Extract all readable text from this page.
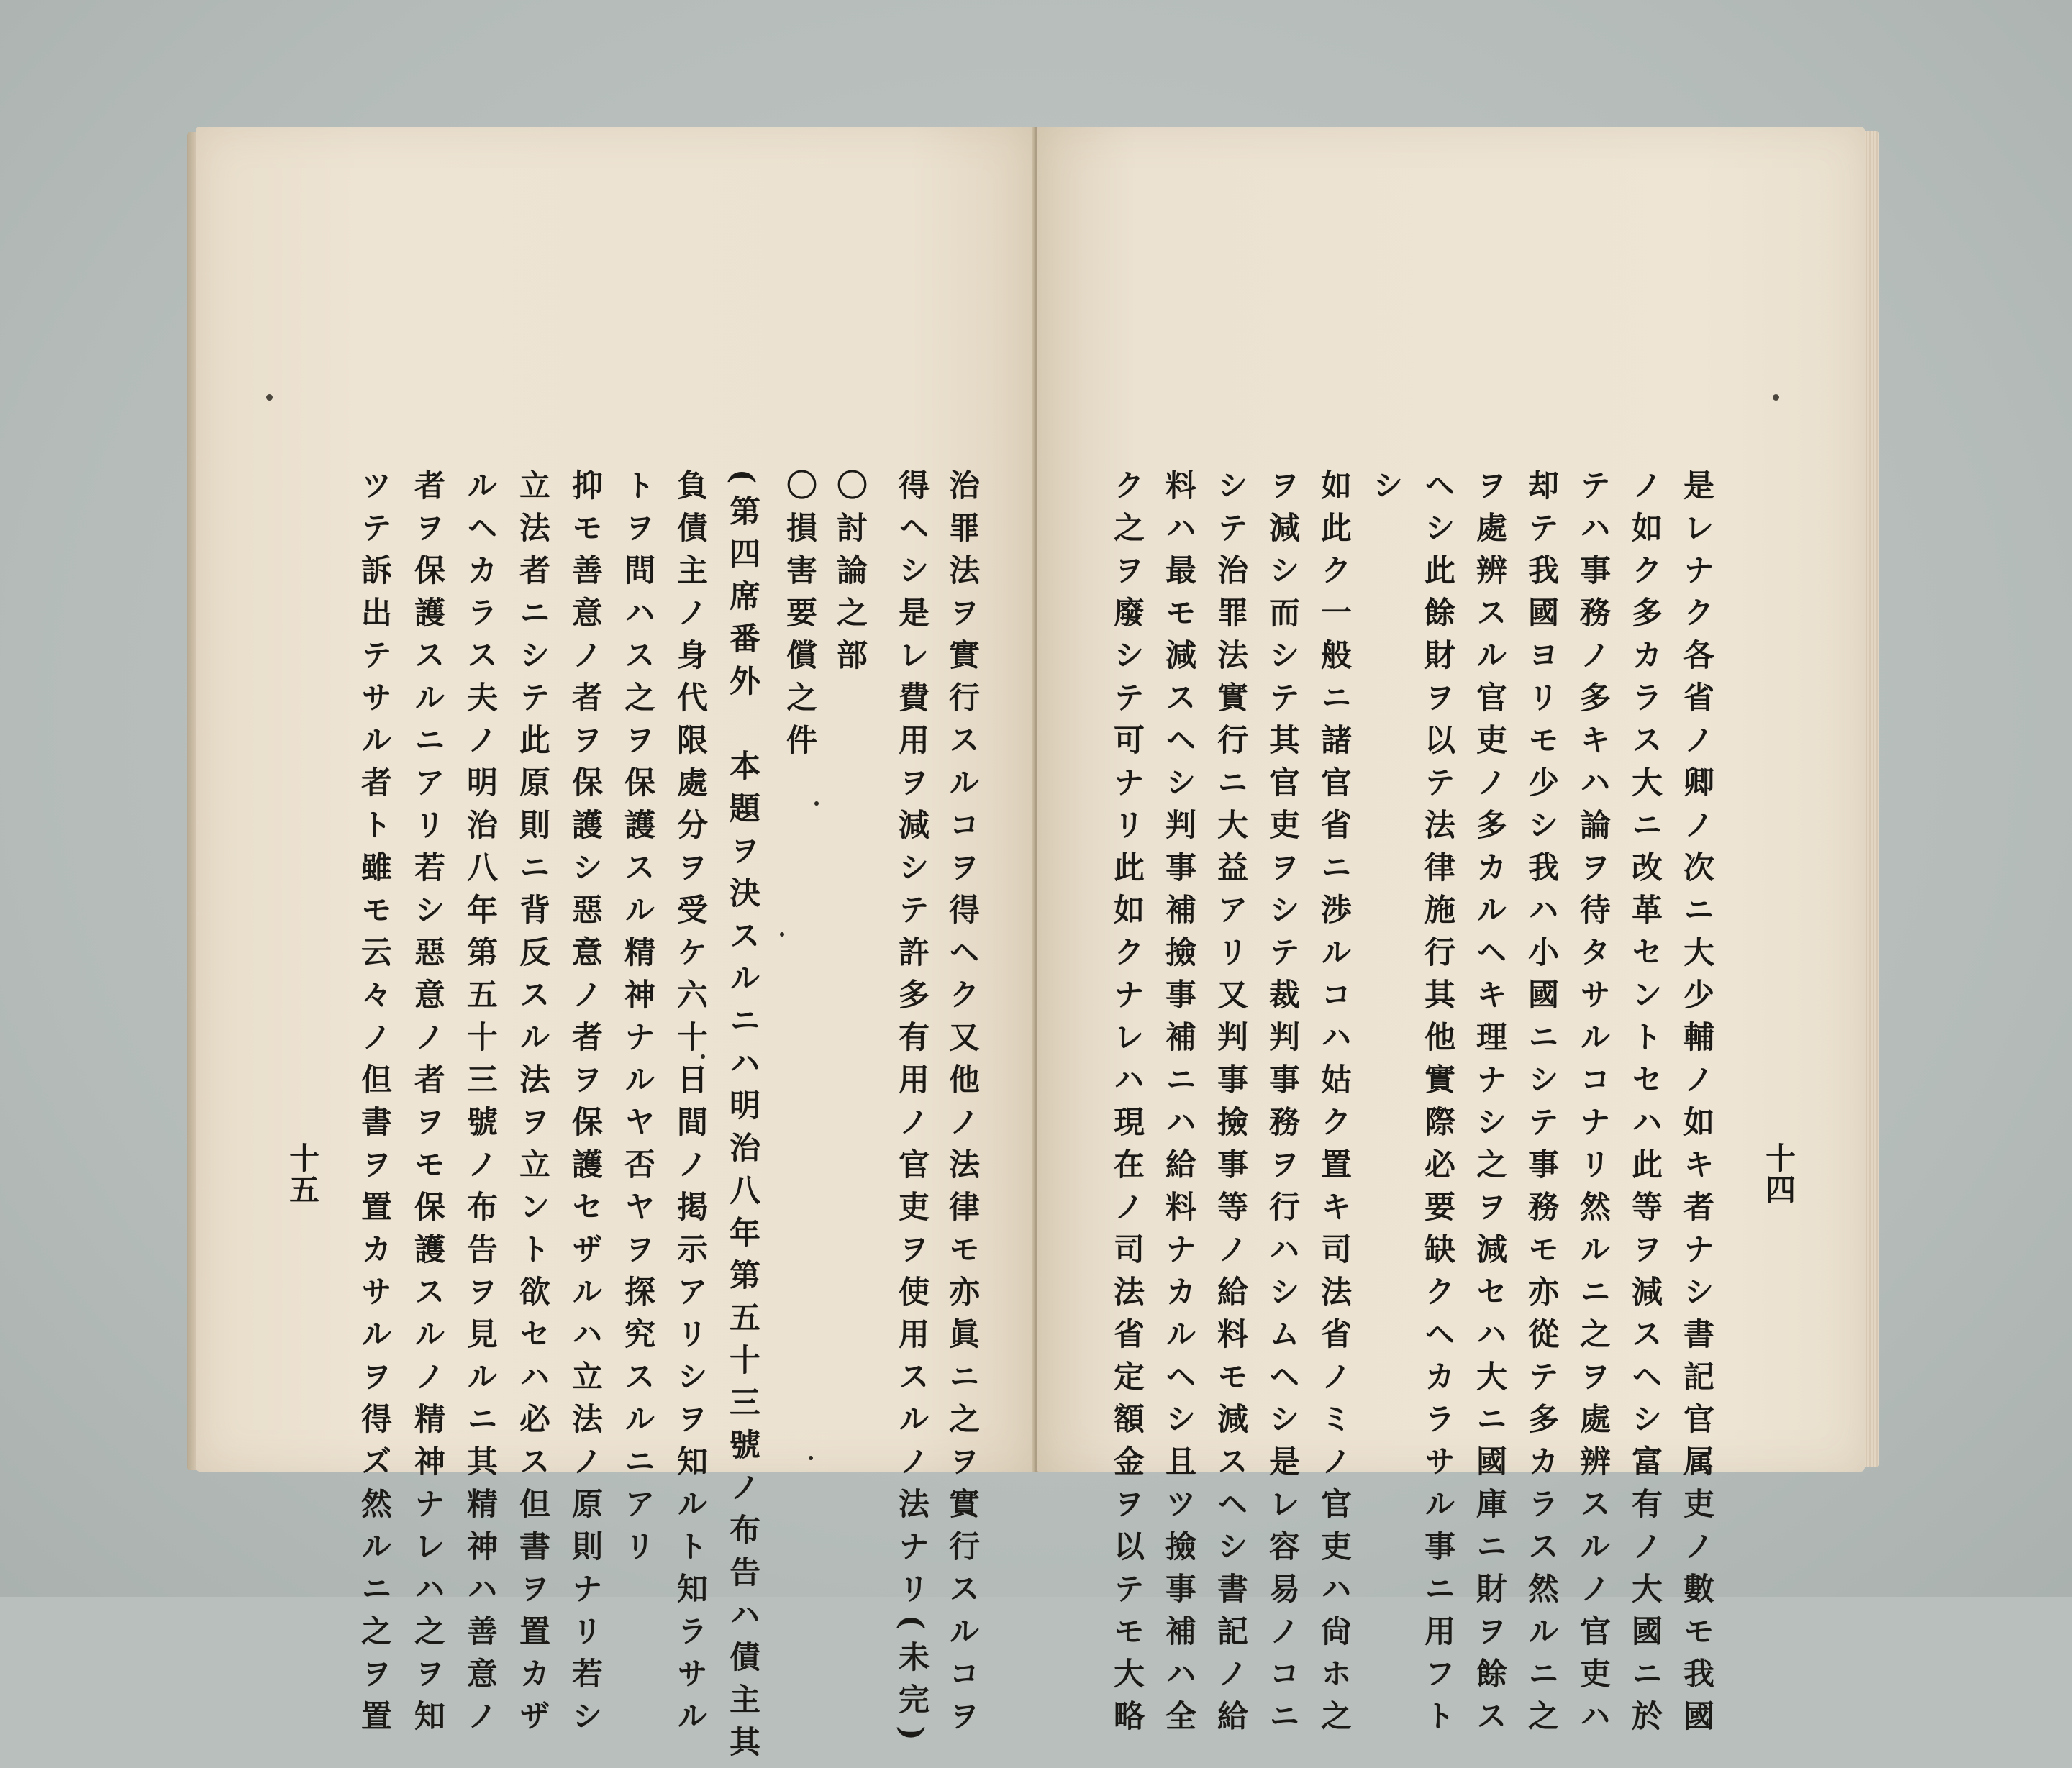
治罪法ヲ實行スルコヲ得ヘク又他ノ法律モ亦眞ニ之ヲ實行スルコヲ
得ヘシ是レ費用ヲ減シテ許多有用ノ官吏ヲ使用スルノ法ナリ(未完)
〇討論之部
〇損害要償之件
(第四席番外　本題ヲ決スルニハ明治八年第五十三號ノ布告ハ債主其
負債主ノ身代限處分ヲ受ケ六十日間ノ掲示アリシヲ知ルト知ラサル
トヲ問ハス之ヲ保護スル精神ナルヤ否ヤヲ探究スルニアリ
抑モ善意ノ者ヲ保護シ惡意ノ者ヲ保護セザルハ立法ノ原則ナリ若シ
立法者ニシテ此原則ニ背反スル法ヲ立ント欲セハ必ス但書ヲ置カザ
ルヘカラス夫ノ明治八年第五十三號ノ布告ヲ見ルニ其精神ハ善意ノ
者ヲ保護スルニアリ若シ惡意ノ者ヲモ保護スルノ精神ナレハ之ヲ知
ツテ訴出テサル者ト雖モ云々ノ但書ヲ置カサルヲ得ズ然ルニ之ヲ置
十五	是レナク各省ノ卿ノ次ニ大少輔ノ如キ者ナシ書記官属吏ノ數モ我國
ノ如ク多カラス大ニ改革セントセハ此等ヲ減スヘシ富有ノ大國ニ於
テハ事務ノ多キハ論ヲ待タサルコナリ然ルニ之ヲ處辨スルノ官吏ハ
却テ我國ヨリモ少シ我ハ小國ニシテ事務モ亦從テ多カラス然ルニ之
ヲ處辨スル官吏ノ多カルヘキ理ナシ之ヲ減セハ大ニ國庫ニ財ヲ餘ス
ヘシ此餘財ヲ以テ法律施行其他實際必要缺クヘカラサル事ニ用フト
シ
如此ク一般ニ諸官省ニ渉ルコハ姑ク置キ司法省ノミノ官吏ハ尙ホ之
ヲ減シ而シテ其官吏ヲシテ裁判事務ヲ行ハシムヘシ是レ容易ノコニ
シテ治罪法實行ニ大益アリ又判事撿事等ノ給料モ減スヘシ書記ノ給
料ハ最モ減スヘシ判事補撿事補ニハ給料ナカルヘシ且ツ撿事補ハ全
ク之ヲ廢シテ可ナリ此如クナレハ現在ノ司法省定額金ヲ以テモ大略	十四
